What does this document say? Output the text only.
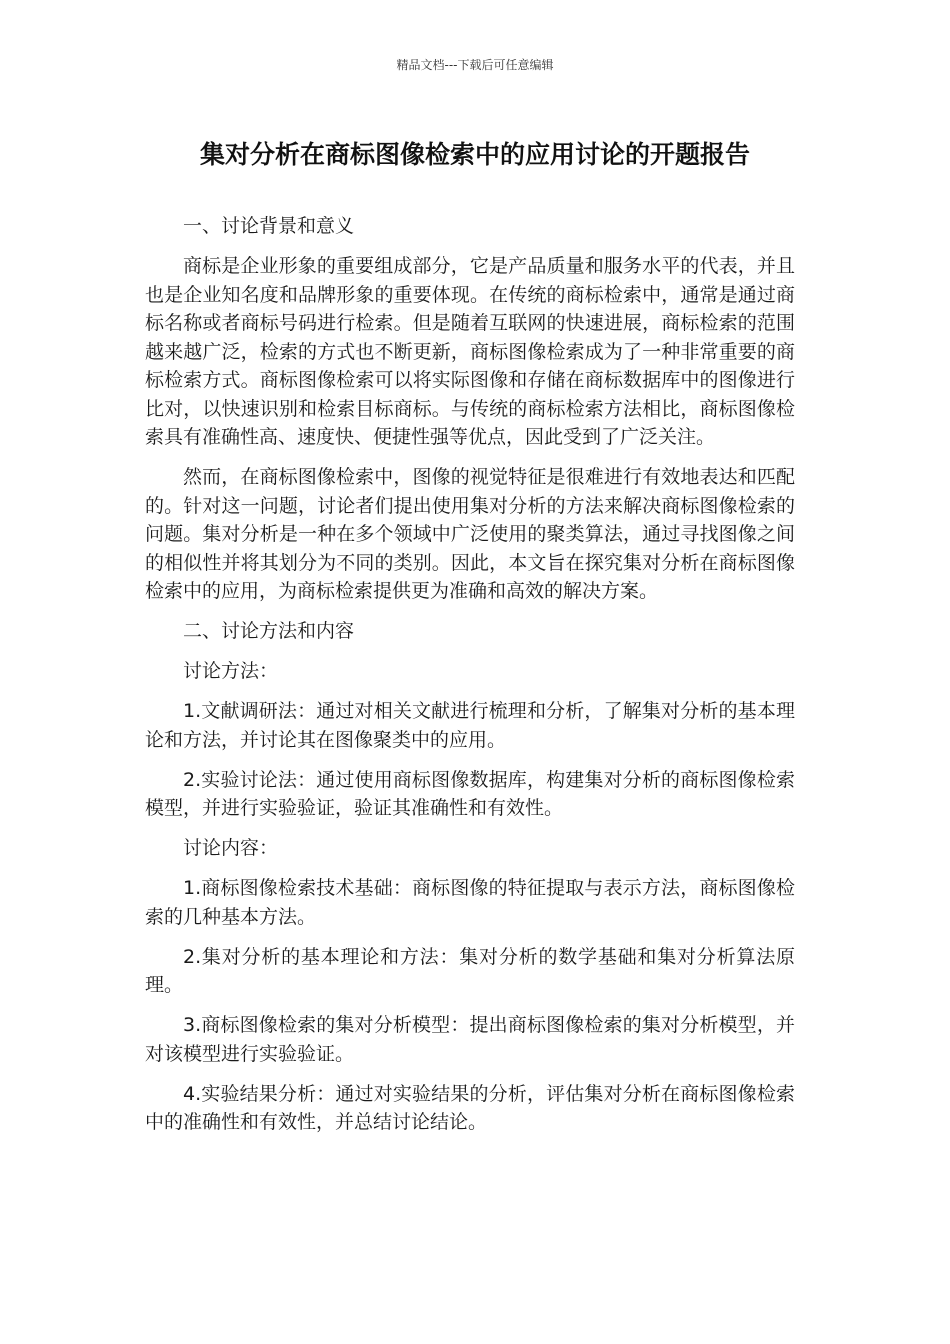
精品文档---下载后可任意编辑
集对分析在商标图像检索中的应用讨论的开题报告

一、讨论背景和意义

商标是企业形象的重要组成部分，它是产品质量和服务水平的代表，并且也是企业知名度和品牌形象的重要体现。在传统的商标检索中，通常是通过商标名称或者商标号码进行检索。但是随着互联网的快速进展，商标检索的范围越来越广泛，检索的方式也不断更新，商标图像检索成为了一种非常重要的商标检索方式。商标图像检索可以将实际图像和存储在商标数据库中的图像进行比对，以快速识别和检索目标商标。与传统的商标检索方法相比，商标图像检索具有准确性高、速度快、便捷性强等优点，因此受到了广泛关注。

然而，在商标图像检索中，图像的视觉特征是很难进行有效地表达和匹配的。针对这一问题，讨论者们提出使用集对分析的方法来解决商标图像检索的问题。集对分析是一种在多个领域中广泛使用的聚类算法，通过寻找图像之间的相似性并将其划分为不同的类别。因此，本文旨在探究集对分析在商标图像检索中的应用，为商标检索提供更为准确和高效的解决方案。

二、讨论方法和内容

讨论方法：

1.文献调研法：通过对相关文献进行梳理和分析，了解集对分析的基本理论和方法，并讨论其在图像聚类中的应用。

2.实验讨论法：通过使用商标图像数据库，构建集对分析的商标图像检索模型，并进行实验验证，验证其准确性和有效性。

讨论内容：

1.商标图像检索技术基础：商标图像的特征提取与表示方法，商标图像检索的几种基本方法。

2.集对分析的基本理论和方法：集对分析的数学基础和集对分析算法原理。

3.商标图像检索的集对分析模型：提出商标图像检索的集对分析模型，并对该模型进行实验验证。

4.实验结果分析：通过对实验结果的分析，评估集对分析在商标图像检索中的准确性和有效性，并总结讨论结论。
